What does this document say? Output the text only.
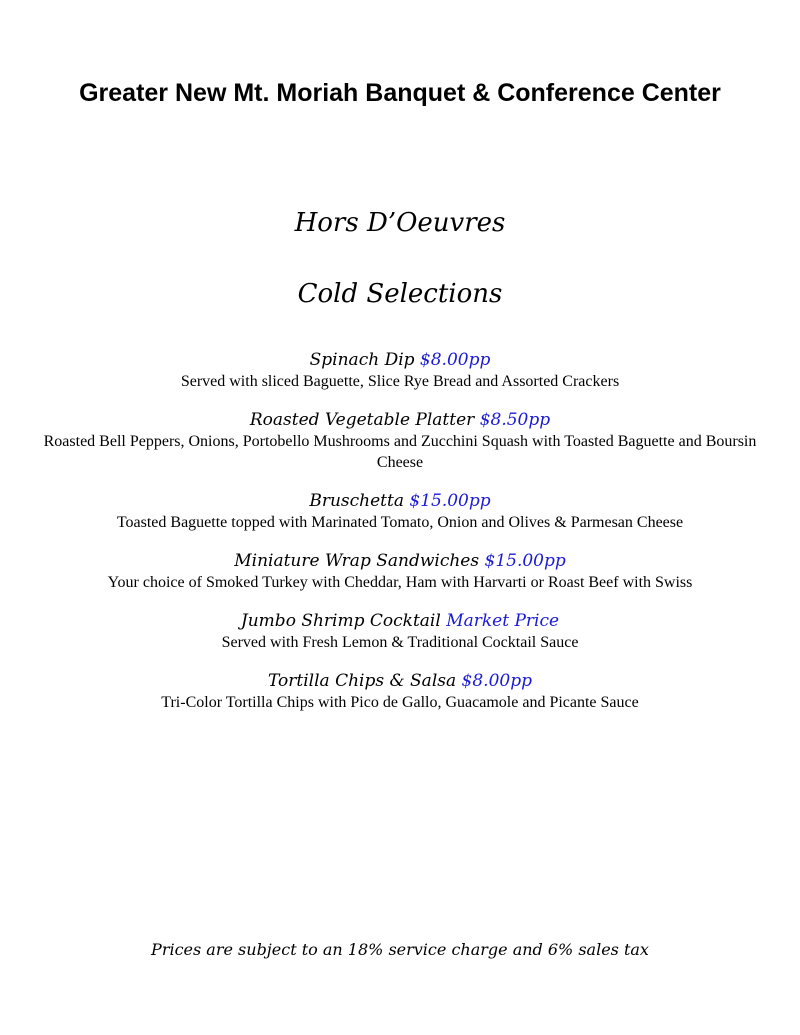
Greater New Mt. Moriah Banquet & Conference Center
Hors D’Oeuvres
Cold Selections
Spinach Dip $8.00pp
Served with sliced Baguette, Slice Rye Bread and Assorted Crackers
Roasted Vegetable Platter $8.50pp
Roasted Bell Peppers, Onions, Portobello Mushrooms and Zucchini Squash with Toasted Baguette and Boursin Cheese
Bruschetta $15.00pp
Toasted Baguette topped with Marinated Tomato, Onion and Olives & Parmesan Cheese
Miniature Wrap Sandwiches $15.00pp
Your choice of Smoked Turkey with Cheddar, Ham with Harvarti or Roast Beef with Swiss
Jumbo Shrimp Cocktail Market Price
Served with Fresh Lemon & Traditional Cocktail Sauce
Tortilla Chips & Salsa $8.00pp
Tri-Color Tortilla Chips with Pico de Gallo, Guacamole and Picante Sauce

Prices are subject to an 18% service charge and 6% sales tax
